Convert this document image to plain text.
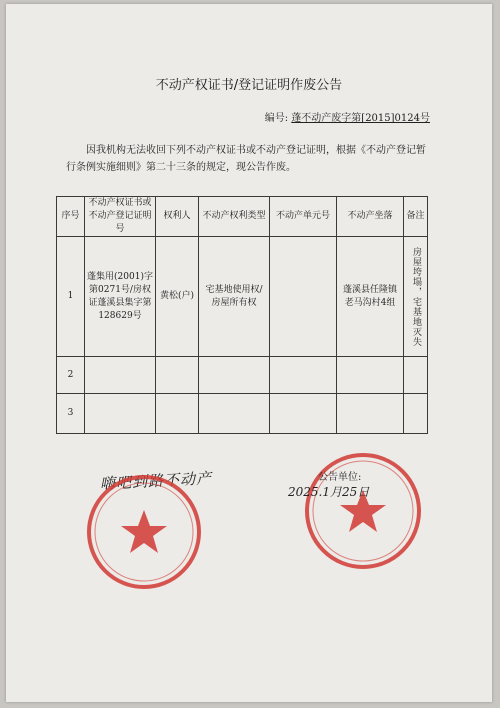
不动产权证书/登记证明作废公告
编号: 蓬不动产废字第[2015]0124号
因我机构无法收回下列不动产权证书或不动产登记证明，根据《不动产登记暂行条例实施细则》第二十三条的规定，现公告作废。
序号	不动产权证书或不动产登记证明号	权利人	不动产权利类型	不动产单元号	不动产坐落	备注
1	蓬集用(2001)字第0271号/房权证蓬溪县集字第128629号	黄松(户)	宅基地使用权/房屋所有权		蓬溪县任隆镇老马沟村4组	房屋垮塌，宅基地灭失

2						
3						
嗨吧到路不动产	公告单位:
2025.1月25日
